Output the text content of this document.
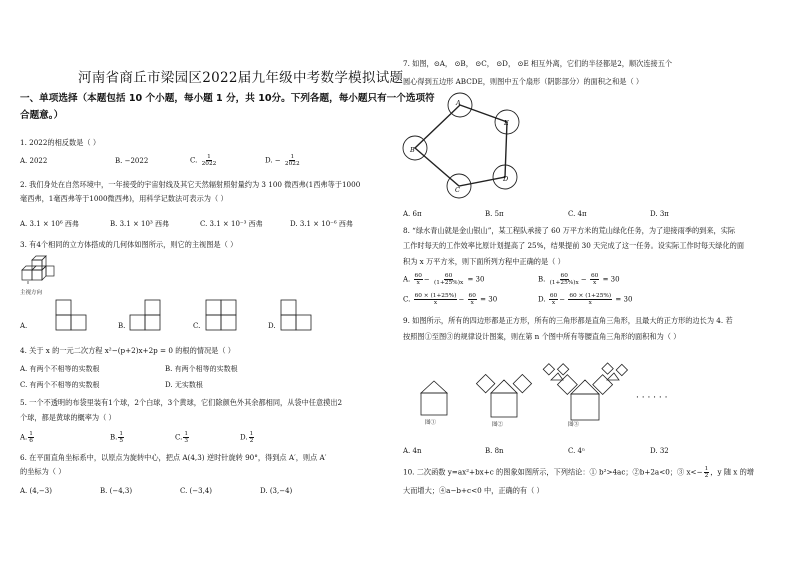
河南省商丘市梁园区2022届九年级中考数学模拟试题
一、单项选择（本题包括 10 个小题，每小题 1 分，共 10分。下列各题，每小题只有一个选项符
合题意。）
1. 2022的相反数是（ ）
A. 2022	B. −2022	C. $\frac{1}{2022}$	D. − $\frac{1}{2022}$
2. 我们身处在自然环境中，一年接受的宇宙射线及其它天然辐射照射量约为 3 100 微西弗(1西弗等于1000
毫西弗，1毫西弗等于1000微西弗)，用科学记数法可表示为（ ）
A. 3.1 × 10⁶ 西弗	B. 3.1 × 10³ 西弗	C. 3.1 × 10⁻³ 西弗	D. 3.1 × 10⁻⁶ 西弗
3. 有4个相同的立方体搭成的几何体如图所示，则它的主视图是（ ）
主视方向
A.	B.	C.	D.
4. 关于 x 的一元二次方程 x²−(p+2)x+2p = 0 的根的情况是（ ）
A. 有两个不相等的实数根	B. 有两个相等的实数根
C. 有两个不相等的实数根	D. 无实数根
5. 一个不透明的布袋里装有1个球，2个白球，3个黄球，它们除颜色外其余都相同，从袋中任意摸出2
个球，都是黄球的概率为（ ）
A. $\frac{1}{6}$	B. $\frac{1}{5}$	C. $\frac{1}{3}$	D. $\frac{1}{2}$
6. 在平面直角坐标系中，以原点为旋转中心，把点 A(4,3) 逆时针旋转 90°，得到点 A′，则点 A′
的坐标为（ ）
A. (4,−3)	B. (−4,3)	C. (−3,4)	D. (3,−4)
7. 如图，⊙A， ⊙B， ⊙C， ⊙D， ⊙E 相互外离，它们的半径都是2，顺次连接五个
圆心得到五边形 ABCDE，则图中五个扇形（阴影部分）的面积之和是（ ）
A
E
B
C
D
A. 6π	B. 5π	C. 4π	D. 3π
8. “绿水青山就是金山银山”，某工程队承接了 60 万平方米的荒山绿化任务，为了迎接雨季的到来，实际
工作时每天的工作效率比原计划提高了 25%，结果提前 30 天完成了这一任务。设实际工作时每天绿化的面
积为 x 万平方米，则下面所列方程中正确的是（ ）
A. $\frac{60}{x} - \frac{60}{(1+25\%)x} = 30$	B. $\frac{60}{(1+25\%)x} - \frac{60}{x} = 30$
C. $\frac{60 \times (1+25\%)}{x} - \frac{60}{x} = 30$	D. $\frac{60}{x} - \frac{60 \times (1+25\%)}{x} = 30$
9. 如图所示，所有的四边形都是正方形，所有的三角形都是直角三角形，且最大的正方形的边长为 4. 若
按照图①至图③的规律设计图案，则在第 n 个图中所有等腰直角三角形的面积和为（ ）
图①	图②	图③
· · · · · ·
A. 4n	B. 8n	C. 4ⁿ	D. 32
10. 二次函数 y=ax²+bx+c 的图象如图所示，下列结论：① b²>4ac；②b+2a<0；③ $x<- \frac{1}{2}$ ，y 随 x 的增
大而增大；④a−b+c<0 中，正确的有（ ）
